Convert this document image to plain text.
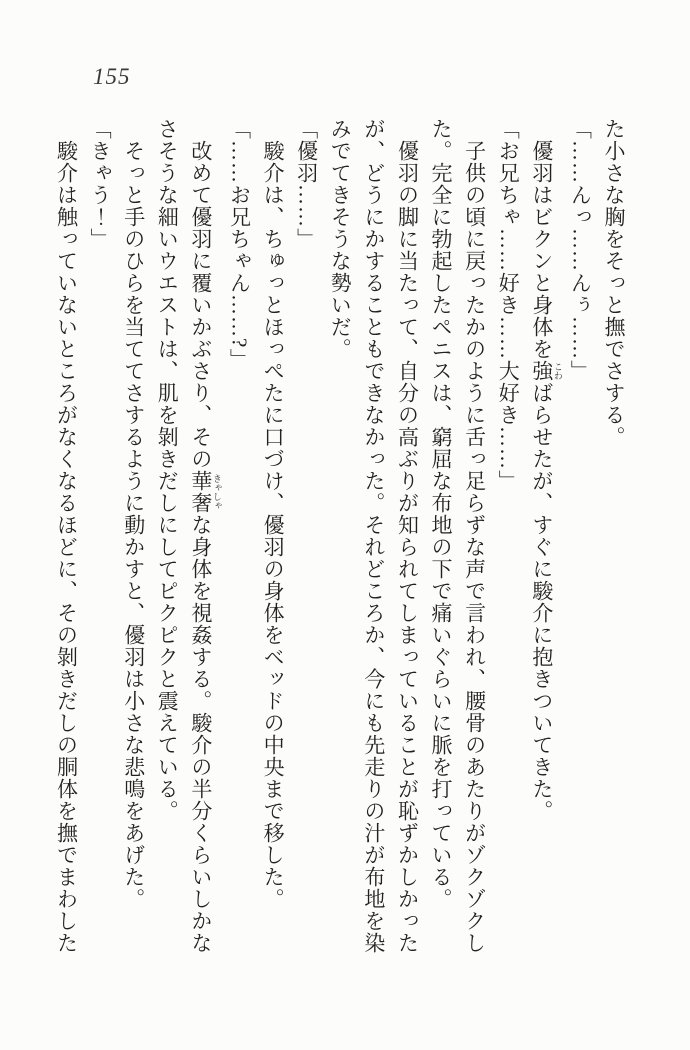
155

た小さな胸をそっと撫でさする。

「……んっ……んぅ……」

優羽はビクンと身体を強 こわばらせたが、すぐに駿介に抱きついてきた。

「お兄ちゃ……好き……大好き……」

子供の頃に戻ったかのように舌っ足らずな声で言われ、腰骨のあたりがゾクゾクした。完全に勃起したペニスは、窮屈な布地の下で痛いぐらいに脈を打っている。

優羽の脚に当たって、自分の高ぶりが知られてしまっていることが恥ずかしかったが、どうにかすることもできなかった。それどころか、今にも先走りの汁が布地を染みでてきそうな勢いだ。

「優羽……」

駿介は、ちゅっとほっぺたに口づけ、優羽の身体をベッドの中央まで移した。

「……お兄ちゃん……?」

改めて優羽に覆いかぶさり、その華奢 きゃしゃな身体を視姦する。駿介の半分くらいしかなさそうな細いウエストは、肌を剝きだしにしてピクピクと震えている。

そっと手のひらを当ててさするように動かすと、優羽は小さな悲鳴をあげた。

「きゃう！」

駿介は触っていないところがなくなるほどに、その剝きだしの胴体を撫でまわした
